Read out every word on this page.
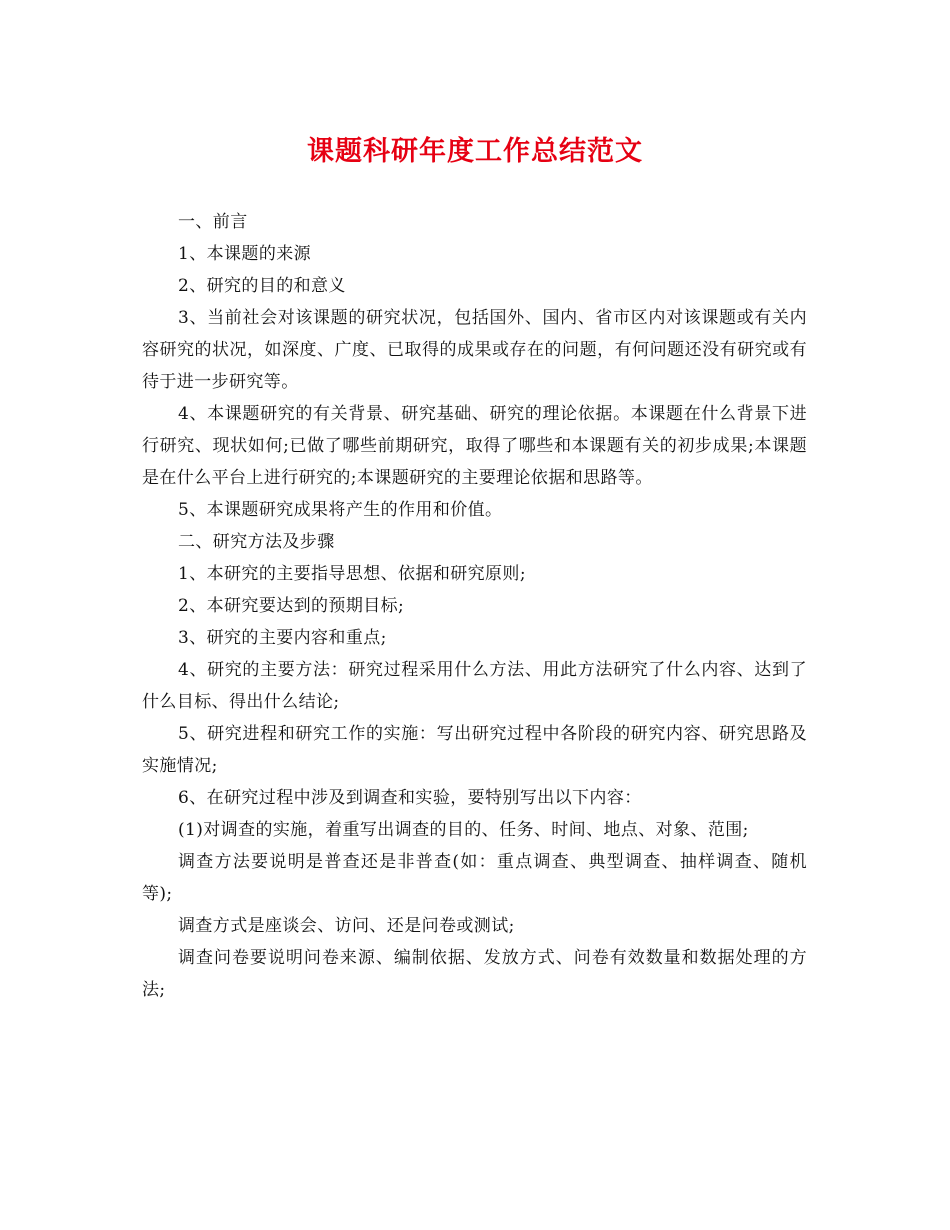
课题科研年度工作总结范文

一、前言

1、本课题的来源

2、研究的目的和意义

3、当前社会对该课题的研究状况，包括国外、国内、省市区内对该课题或有关内容研究的状况，如深度、广度、已取得的成果或存在的问题，有何问题还没有研究或有待于进一步研究等。

4、本课题研究的有关背景、研究基础、研究的理论依据。本课题在什么背景下进行研究、现状如何;已做了哪些前期研究，取得了哪些和本课题有关的初步成果;本课题是在什么平台上进行研究的;本课题研究的主要理论依据和思路等。

5、本课题研究成果将产生的作用和价值。

二、研究方法及步骤

1、本研究的主要指导思想、依据和研究原则;

2、本研究要达到的预期目标;

3、研究的主要内容和重点;

4、研究的主要方法：研究过程采用什么方法、用此方法研究了什么内容、达到了什么目标、得出什么结论;

5、研究进程和研究工作的实施：写出研究过程中各阶段的研究内容、研究思路及实施情况;

6、在研究过程中涉及到调查和实验，要特别写出以下内容：

(1)对调查的实施，着重写出调查的目的、任务、时间、地点、对象、范围;

调查方法要说明是普查还是非普查(如：重点调查、典型调查、抽样调查、随机等);

调查方式是座谈会、访问、还是问卷或测试;

调查问卷要说明问卷来源、编制依据、发放方式、问卷有效数量和数据处理的方法;
